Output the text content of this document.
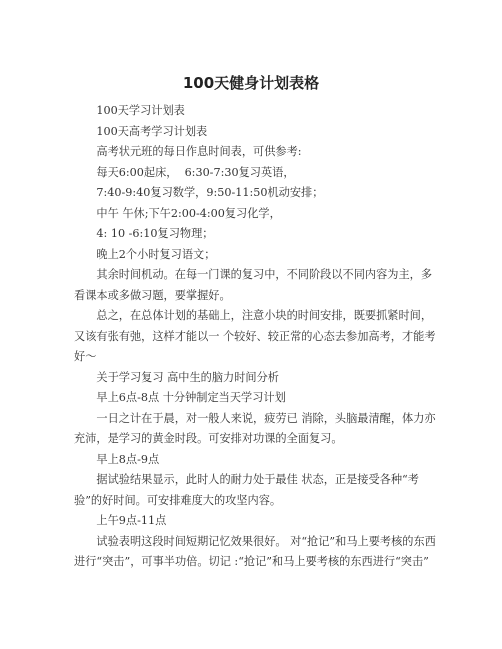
100天健身计划表格

100天学习计划表

100天高考学习计划表

高考状元班的每日作息时间表，可供参考:

每天6:00起床，  6:30-7:30复习英语，

7:40-9:40复习数学，9:50-11:50机动安排；

中午 午休;下午2:00-4:00复习化学，

4: 10 -6:10复习物理；

晚上2个小时复习语文；

其余时间机动。在每一门课的复习中，不同阶段以不同内容为主，多看课本或多做习题，要掌握好。

总之，在总体计划的基础上，注意小块的时间安排，既要抓紧时间，又该有张有弛，这样才能以一 个较好、较正常的心态去参加高考，才能考好～

关于学习复习 高中生的脑力时间分析

早上6点-8点 十分钟制定当天学习计划

一日之计在于晨，对一般人来说，疲劳已 消除，头脑最清醒，体力亦充沛，是学习的黄金时段。可安排对功课的全面复习。

早上8点-9点

据试验结果显示，此时人的耐力处于最佳 状态，正是接受各种“考验”的好时间。可安排难度大的攻坚内容。

上午9点-11点

试验表明这段时间短期记忆效果很好。 对“抢记”和马上要考核的东西进行“突击”，可事半功倍。切记 :“抢记”和马上要考核的东西进行“突击”
